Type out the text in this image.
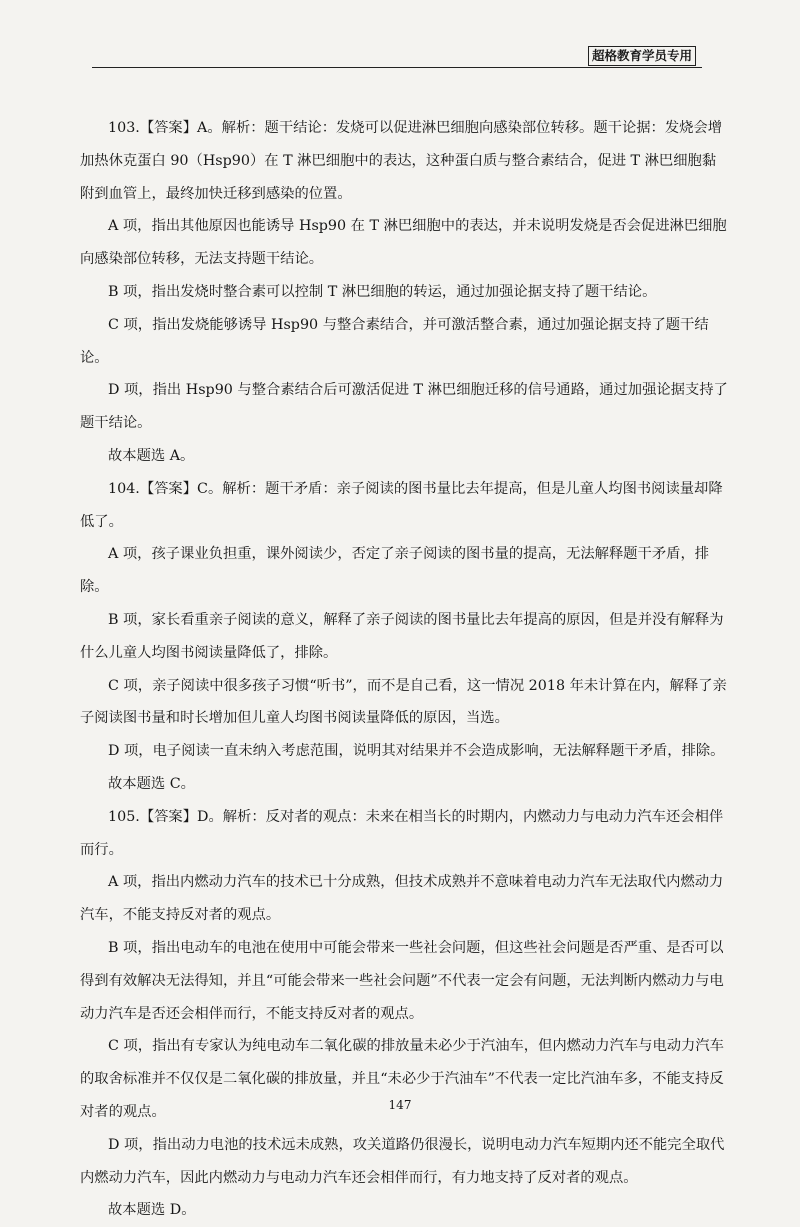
超格教育学员专用

103.【答案】A。解析：题干结论：发烧可以促进淋巴细胞向感染部位转移。题干论据：发烧会增加热休克蛋白 90（Hsp90）在 T 淋巴细胞中的表达，这种蛋白质与整合素结合，促进 T 淋巴细胞黏附到血管上，最终加快迁移到感染的位置。

A 项，指出其他原因也能诱导 Hsp90 在 T 淋巴细胞中的表达，并未说明发烧是否会促进淋巴细胞向感染部位转移，无法支持题干结论。

B 项，指出发烧时整合素可以控制 T 淋巴细胞的转运，通过加强论据支持了题干结论。

C 项，指出发烧能够诱导 Hsp90 与整合素结合，并可激活整合素，通过加强论据支持了题干结论。

D 项，指出 Hsp90 与整合素结合后可激活促进 T 淋巴细胞迁移的信号通路，通过加强论据支持了题干结论。

故本题选 A。

104.【答案】C。解析：题干矛盾：亲子阅读的图书量比去年提高，但是儿童人均图书阅读量却降低了。

A 项，孩子课业负担重，课外阅读少，否定了亲子阅读的图书量的提高，无法解释题干矛盾，排除。

B 项，家长看重亲子阅读的意义，解释了亲子阅读的图书量比去年提高的原因，但是并没有解释为什么儿童人均图书阅读量降低了，排除。

C 项，亲子阅读中很多孩子习惯“听书”，而不是自己看，这一情况 2018 年未计算在内，解释了亲子阅读图书量和时长增加但儿童人均图书阅读量降低的原因，当选。

D 项，电子阅读一直未纳入考虑范围，说明其对结果并不会造成影响，无法解释题干矛盾，排除。

故本题选 C。

105.【答案】D。解析：反对者的观点：未来在相当长的时期内，内燃动力与电动力汽车还会相伴而行。

A 项，指出内燃动力汽车的技术已十分成熟，但技术成熟并不意味着电动力汽车无法取代内燃动力汽车，不能支持反对者的观点。

B 项，指出电动车的电池在使用中可能会带来一些社会问题，但这些社会问题是否严重、是否可以得到有效解决无法得知，并且“可能会带来一些社会问题”不代表一定会有问题，无法判断内燃动力与电动力汽车是否还会相伴而行，不能支持反对者的观点。

C 项，指出有专家认为纯电动车二氧化碳的排放量未必少于汽油车，但内燃动力汽车与电动力汽车的取舍标准并不仅仅是二氧化碳的排放量，并且“未必少于汽油车”不代表一定比汽油车多，不能支持反对者的观点。

D 项，指出动力电池的技术远未成熟，攻关道路仍很漫长，说明电动力汽车短期内还不能完全取代内燃动力汽车，因此内燃动力与电动力汽车还会相伴而行，有力地支持了反对者的观点。

故本题选 D。

147
